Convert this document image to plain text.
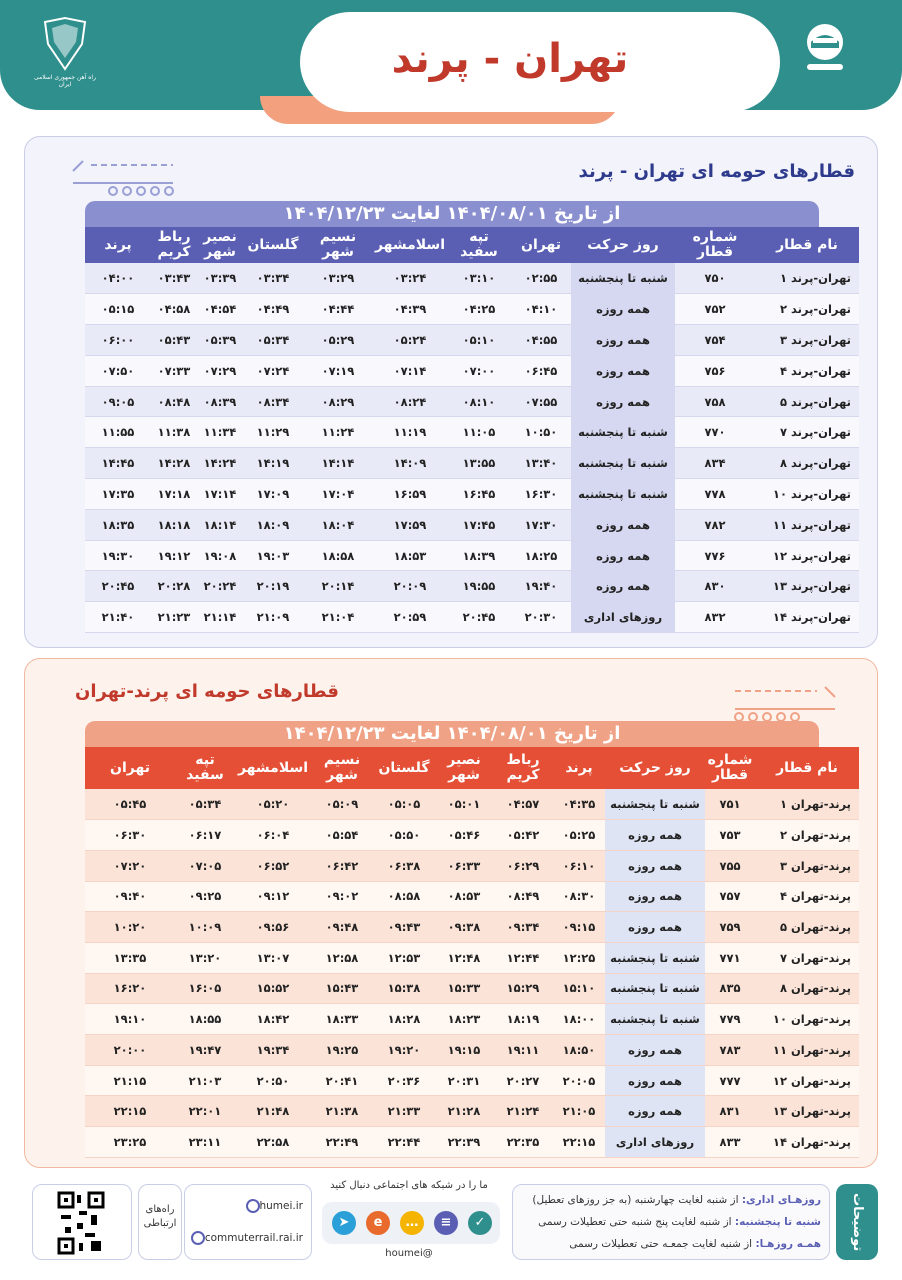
تهران - پرند
راه آهن جمهوری اسلامی ایران
قطارهای حومه ای تهران - پرند
از تاریخ ۱۴۰۴/۰۸/۰۱ لغایت ۱۴۰۴/۱۲/۲۳
نام قطار	شماره قطار	روز حرکت	تهران	تپه سفید	اسلامشهر	نسیم شهر	گلستان	نصیر شهر	رباط کریم	پرند
تهران-پرند ۱	۷۵۰	شنبه تا پنجشنبه	۰۲:۵۵	۰۳:۱۰	۰۳:۲۴	۰۳:۲۹	۰۳:۳۴	۰۳:۳۹	۰۳:۴۳	۰۴:۰۰
تهران-پرند ۲	۷۵۲	همه روزه	۰۴:۱۰	۰۴:۲۵	۰۴:۳۹	۰۴:۴۴	۰۴:۴۹	۰۴:۵۴	۰۴:۵۸	۰۵:۱۵
تهران-پرند ۳	۷۵۴	همه روزه	۰۴:۵۵	۰۵:۱۰	۰۵:۲۴	۰۵:۲۹	۰۵:۳۴	۰۵:۳۹	۰۵:۴۳	۰۶:۰۰
تهران-پرند ۴	۷۵۶	همه روزه	۰۶:۴۵	۰۷:۰۰	۰۷:۱۴	۰۷:۱۹	۰۷:۲۴	۰۷:۲۹	۰۷:۳۳	۰۷:۵۰
تهران-پرند ۵	۷۵۸	همه روزه	۰۷:۵۵	۰۸:۱۰	۰۸:۲۴	۰۸:۲۹	۰۸:۳۴	۰۸:۳۹	۰۸:۴۸	۰۹:۰۵
تهران-پرند ۷	۷۷۰	شنبه تا پنجشنبه	۱۰:۵۰	۱۱:۰۵	۱۱:۱۹	۱۱:۲۴	۱۱:۲۹	۱۱:۳۴	۱۱:۳۸	۱۱:۵۵
تهران-پرند ۸	۸۳۴	شنبه تا پنجشنبه	۱۳:۴۰	۱۳:۵۵	۱۴:۰۹	۱۴:۱۴	۱۴:۱۹	۱۴:۲۴	۱۴:۲۸	۱۴:۴۵
تهران-پرند ۱۰	۷۷۸	شنبه تا پنجشنبه	۱۶:۳۰	۱۶:۴۵	۱۶:۵۹	۱۷:۰۴	۱۷:۰۹	۱۷:۱۴	۱۷:۱۸	۱۷:۳۵
تهران-پرند ۱۱	۷۸۲	همه روزه	۱۷:۳۰	۱۷:۴۵	۱۷:۵۹	۱۸:۰۴	۱۸:۰۹	۱۸:۱۴	۱۸:۱۸	۱۸:۳۵
تهران-پرند ۱۲	۷۷۶	همه روزه	۱۸:۲۵	۱۸:۳۹	۱۸:۵۳	۱۸:۵۸	۱۹:۰۳	۱۹:۰۸	۱۹:۱۲	۱۹:۳۰
تهران-پرند ۱۳	۸۳۰	همه روزه	۱۹:۴۰	۱۹:۵۵	۲۰:۰۹	۲۰:۱۴	۲۰:۱۹	۲۰:۲۴	۲۰:۲۸	۲۰:۴۵
تهران-پرند ۱۴	۸۳۲	روزهای اداری	۲۰:۳۰	۲۰:۴۵	۲۰:۵۹	۲۱:۰۴	۲۱:۰۹	۲۱:۱۴	۲۱:۲۳	۲۱:۴۰
قطارهای حومه ای پرند-تهران
از تاریخ ۱۴۰۴/۰۸/۰۱ لغایت ۱۴۰۴/۱۲/۲۳
نام قطار	شماره قطار	روز حرکت	پرند	رباط کریم	نصیر شهر	گلستان	نسیم شهر	اسلامشهر	تپه سفید	تهران
پرند-تهران ۱	۷۵۱	شنبه تا پنجشنبه	۰۴:۳۵	۰۴:۵۷	۰۵:۰۱	۰۵:۰۵	۰۵:۰۹	۰۵:۲۰	۰۵:۳۴	۰۵:۴۵
پرند-تهران ۲	۷۵۳	همه روزه	۰۵:۲۵	۰۵:۴۲	۰۵:۴۶	۰۵:۵۰	۰۵:۵۴	۰۶:۰۴	۰۶:۱۷	۰۶:۳۰
پرند-تهران ۳	۷۵۵	همه روزه	۰۶:۱۰	۰۶:۲۹	۰۶:۳۳	۰۶:۳۸	۰۶:۴۲	۰۶:۵۲	۰۷:۰۵	۰۷:۲۰
پرند-تهران ۴	۷۵۷	همه روزه	۰۸:۳۰	۰۸:۴۹	۰۸:۵۳	۰۸:۵۸	۰۹:۰۲	۰۹:۱۲	۰۹:۲۵	۰۹:۴۰
پرند-تهران ۵	۷۵۹	همه روزه	۰۹:۱۵	۰۹:۳۴	۰۹:۳۸	۰۹:۴۳	۰۹:۴۸	۰۹:۵۶	۱۰:۰۹	۱۰:۲۰
پرند-تهران ۷	۷۷۱	شنبه تا پنجشنبه	۱۲:۲۵	۱۲:۴۴	۱۲:۴۸	۱۲:۵۳	۱۲:۵۸	۱۳:۰۷	۱۳:۲۰	۱۳:۳۵
پرند-تهران ۸	۸۳۵	شنبه تا پنجشنبه	۱۵:۱۰	۱۵:۲۹	۱۵:۳۳	۱۵:۳۸	۱۵:۴۳	۱۵:۵۲	۱۶:۰۵	۱۶:۲۰
پرند-تهران ۱۰	۷۷۹	شنبه تا پنجشنبه	۱۸:۰۰	۱۸:۱۹	۱۸:۲۳	۱۸:۲۸	۱۸:۳۳	۱۸:۴۲	۱۸:۵۵	۱۹:۱۰
پرند-تهران ۱۱	۷۸۳	همه روزه	۱۸:۵۰	۱۹:۱۱	۱۹:۱۵	۱۹:۲۰	۱۹:۲۵	۱۹:۳۴	۱۹:۴۷	۲۰:۰۰
پرند-تهران ۱۲	۷۷۷	همه روزه	۲۰:۰۵	۲۰:۲۷	۲۰:۳۱	۲۰:۳۶	۲۰:۴۱	۲۰:۵۰	۲۱:۰۳	۲۱:۱۵
پرند-تهران ۱۳	۸۳۱	همه روزه	۲۱:۰۵	۲۱:۲۴	۲۱:۲۸	۲۱:۳۳	۲۱:۳۸	۲۱:۴۸	۲۲:۰۱	۲۲:۱۵
پرند-تهران ۱۴	۸۳۳	روزهای اداری	۲۲:۱۵	۲۲:۳۵	۲۲:۳۹	۲۲:۴۴	۲۲:۴۹	۲۲:۵۸	۲۳:۱۱	۲۳:۲۵
توضیحات
روزهـای اداری: از شنبه لغایت چهارشنبه (به جز روزهای تعطیل)
شنبه تا پنجشنبه: از شنبه لغایت پنج شنبه حتی تعطیلات رسمی
همـه روزهـا: از شنبه لغایت جمعـه حتی تعطیلات رسمی
ما را در شبکه های اجتماعی دنبال کنید
✓
≡
…
e
➤
@houmei
humei.ir
commuterrail.rai.ir
راه‌های ارتباطی
